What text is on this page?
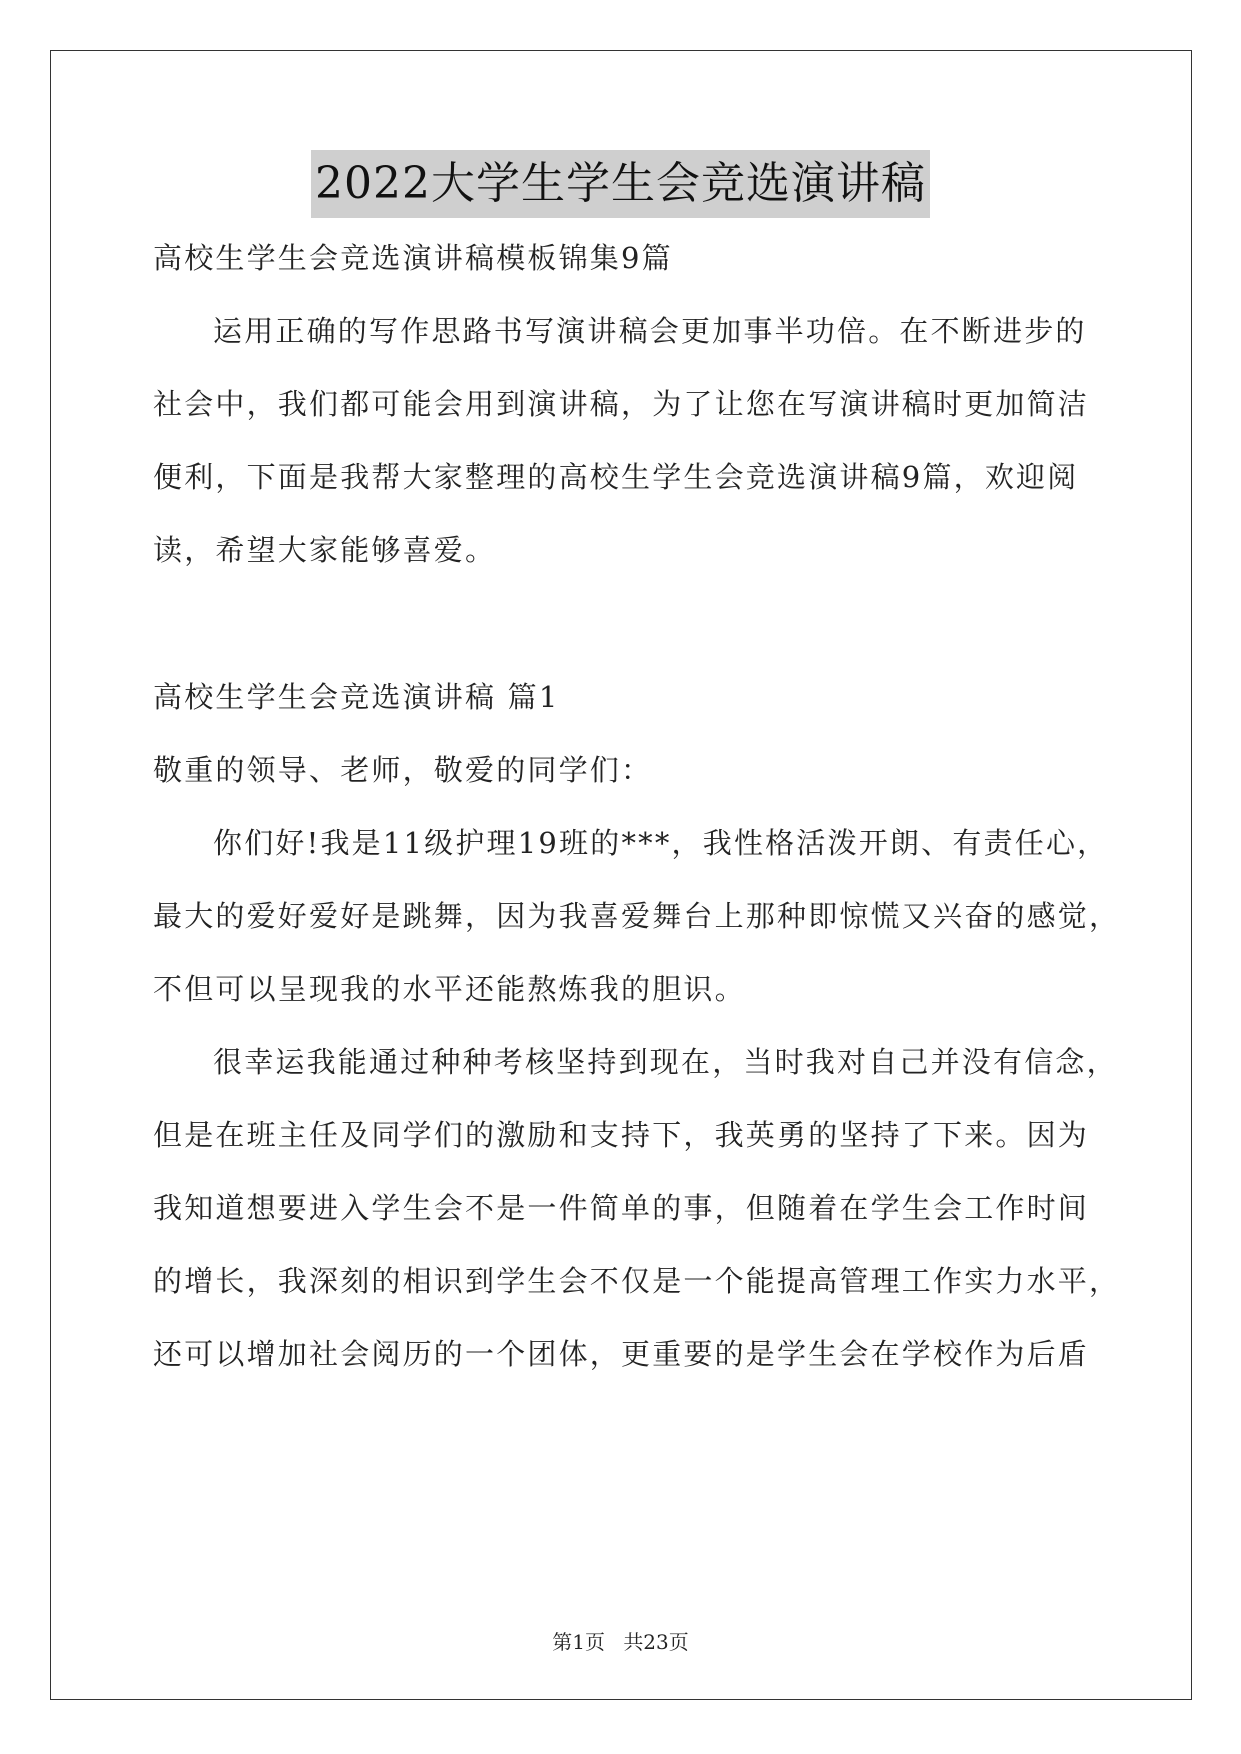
2022大学生学生会竞选演讲稿
高校生学生会竞选演讲稿模板锦集9篇
运用正确的写作思路书写演讲稿会更加事半功倍。在不断进步的
社会中，我们都可能会用到演讲稿，为了让您在写演讲稿时更加简洁
便利，下面是我帮大家整理的高校生学生会竞选演讲稿9篇，欢迎阅
读，希望大家能够喜爱。
高校生学生会竞选演讲稿 篇1
敬重的领导、老师，敬爱的同学们：
你们好!我是11级护理19班的***，我性格活泼开朗、有责任心，
最大的爱好爱好是跳舞，因为我喜爱舞台上那种即惊慌又兴奋的感觉，
不但可以呈现我的水平还能熬炼我的胆识。
很幸运我能通过种种考核坚持到现在，当时我对自己并没有信念，
但是在班主任及同学们的激励和支持下，我英勇的坚持了下来。因为
我知道想要进入学生会不是一件简单的事，但随着在学生会工作时间
的增长，我深刻的相识到学生会不仅是一个能提高管理工作实力水平，
还可以增加社会阅历的一个团体，更重要的是学生会在学校作为后盾
第1页 共23页
